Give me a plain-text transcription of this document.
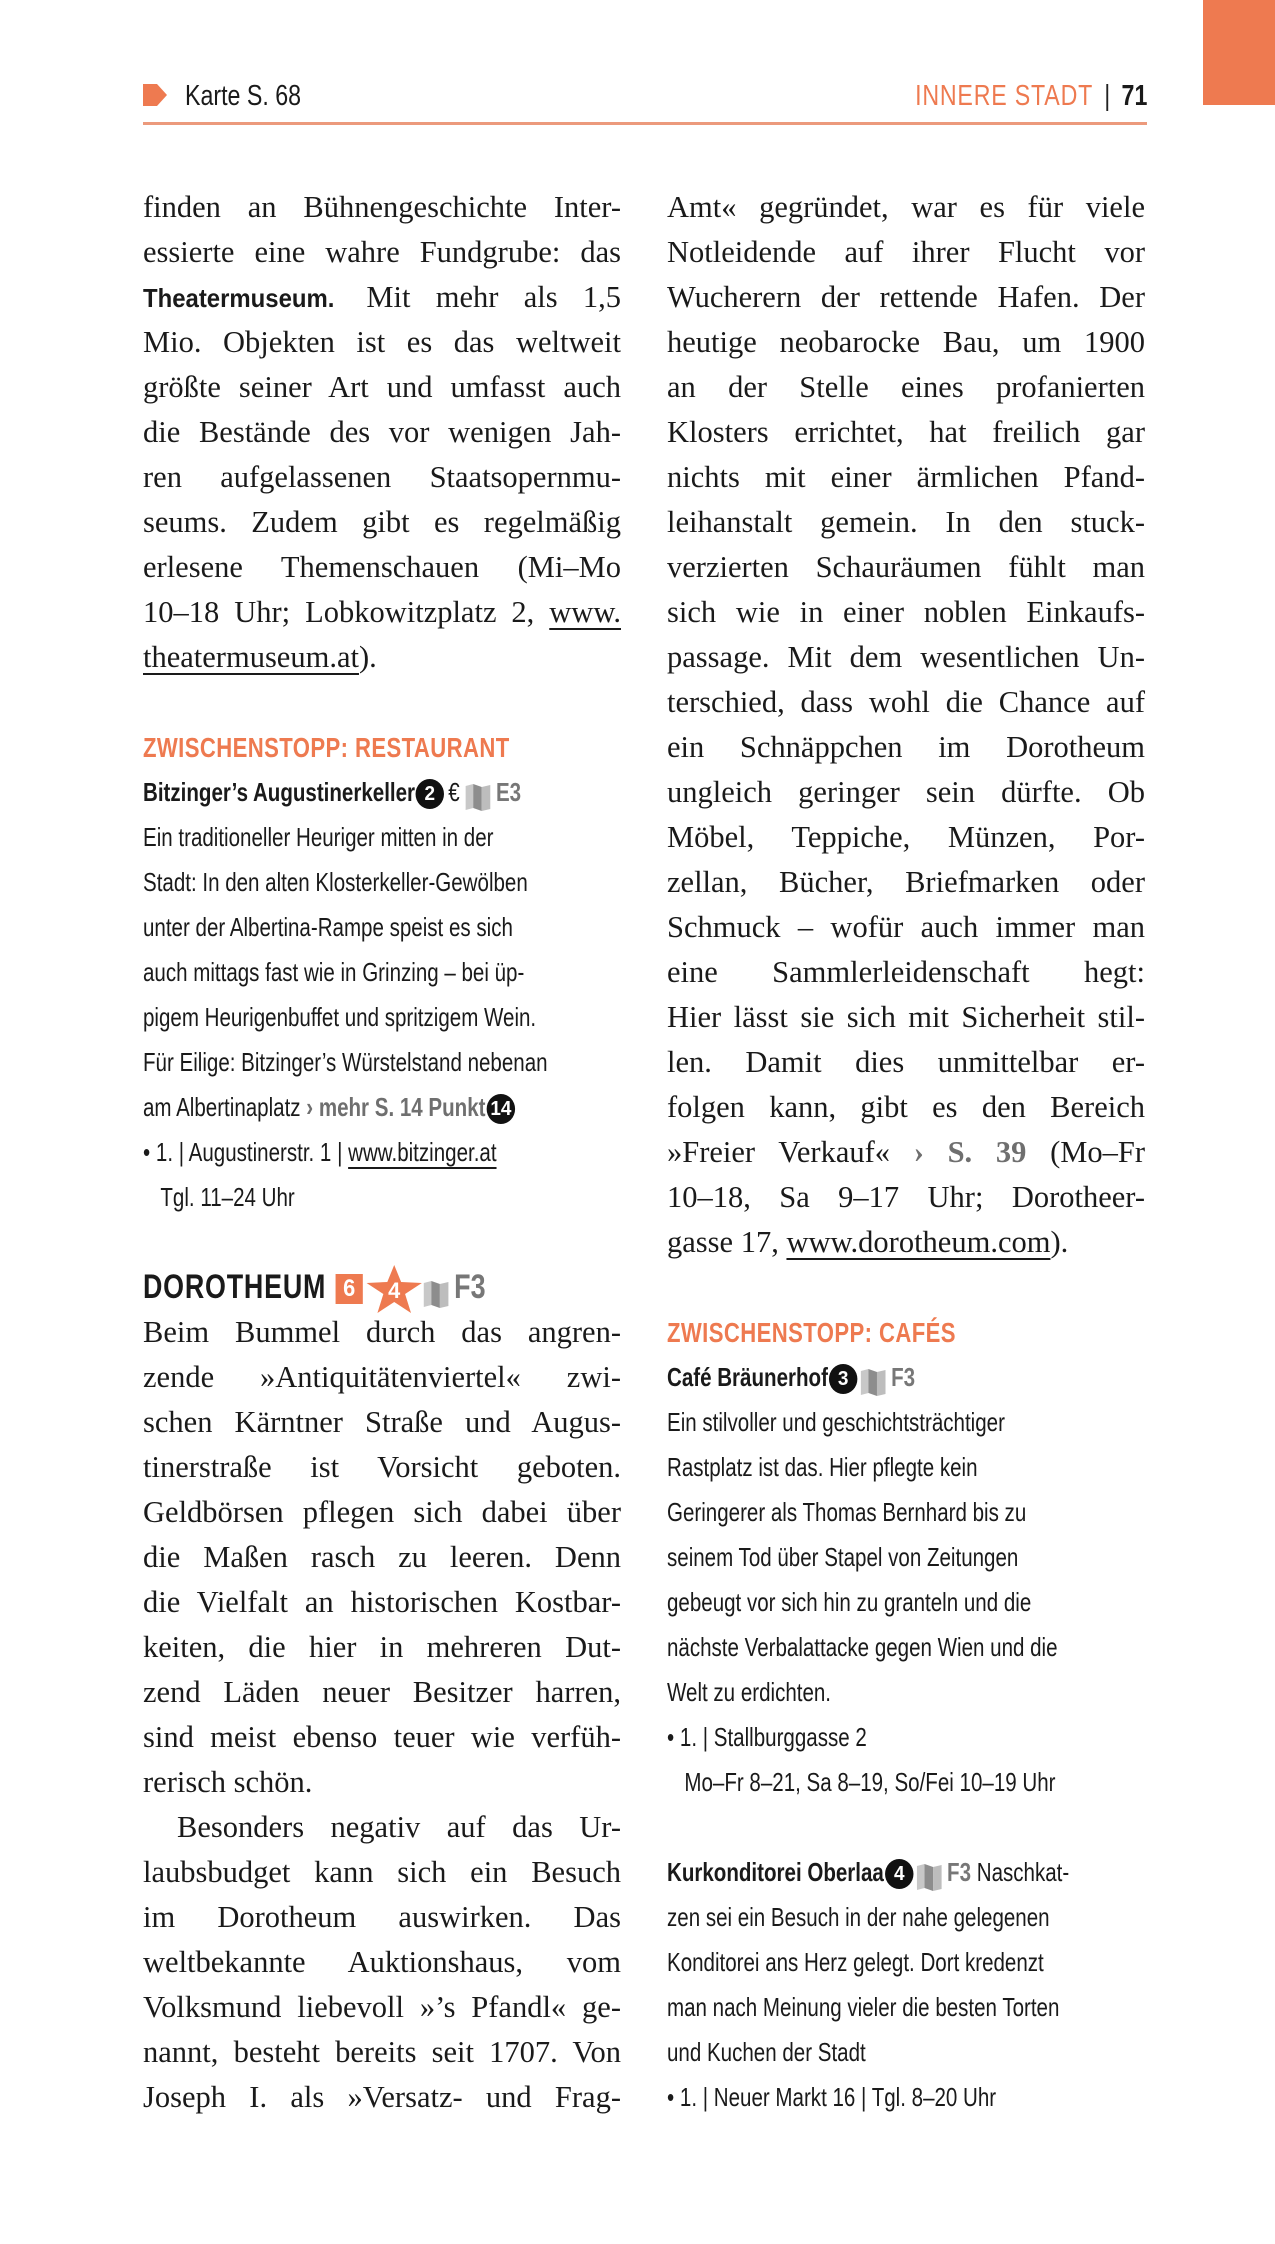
Karte S. 68	INNERE STADT | 71
finden an Bühnengeschichte Inter-
essierte eine wahre Fundgrube: das
Theatermuseum. Mit mehr als 1,5
Mio. Objekten ist es das weltweit
größte seiner Art und umfasst auch
die Bestände des vor wenigen Jah-
ren aufgelassenen Staatsopernmu-
seums. Zudem gibt es regelmäßig
erlesene Themenschauen (Mi–Mo
10–18 Uhr; Lobkowitzplatz 2, www.
theatermuseum.at).
ZWISCHENSTOPP: RESTAURANT
Bitzinger’s Augustinerkeller 2 € E3
Ein traditioneller Heuriger mitten in der
Stadt: In den alten Klosterkeller-Gewölben
unter der Albertina-Rampe speist es sich
auch mittags fast wie in Grinzing – bei üp-
pigem Heurigenbuffet und spritzigem Wein.
Für Eilige: Bitzinger’s Würstelstand nebenan
am Albertinaplatz › mehr S. 14 Punkt 14
• 1. | Augustinerstr. 1 | www.bitzinger.at
Tgl. 11–24 Uhr
DOROTHEUM 6	4	F3
Beim Bummel durch das angren-
zende »Antiquitätenviertel« zwi-
schen Kärntner Straße und Augus-
tinerstraße ist Vorsicht geboten.
Geldbörsen pflegen sich dabei über
die Maßen rasch zu leeren. Denn
die Vielfalt an historischen Kostbar-
keiten, die hier in mehreren Dut-
zend Läden neuer Besitzer harren,
sind meist ebenso teuer wie verfüh-
rerisch schön.
Besonders negativ auf das Ur-
laubsbudget kann sich ein Besuch
im Dorotheum auswirken. Das
weltbekannte Auktionshaus, vom
Volksmund liebevoll »’s Pfandl« ge-
nannt, besteht bereits seit 1707. Von
Joseph I. als »Versatz- und Frag-
Amt« gegründet, war es für viele
Notleidende auf ihrer Flucht vor
Wucherern der rettende Hafen. Der
heutige neobarocke Bau, um 1900
an der Stelle eines profanierten
Klosters errichtet, hat freilich gar
nichts mit einer ärmlichen Pfand-
leihanstalt gemein. In den stuck-
verzierten Schauräumen fühlt man
sich wie in einer noblen Einkaufs-
passage. Mit dem wesentlichen Un-
terschied, dass wohl die Chance auf
ein Schnäppchen im Dorotheum
ungleich geringer sein dürfte. Ob
Möbel, Teppiche, Münzen, Por-
zellan, Bücher, Briefmarken oder
Schmuck – wofür auch immer man
eine Sammlerleidenschaft hegt:
Hier lässt sie sich mit Sicherheit stil-
len. Damit dies unmittelbar er-
folgen kann, gibt es den Bereich
»Freier Verkauf« › S. 39 (Mo–Fr
10–18, Sa 9–17 Uhr; Dorotheer-
gasse 17, www.dorotheum.com).
ZWISCHENSTOPP: CAFÉS
Café Bräunerhof 3 F3
Ein stilvoller und geschichtsträchtiger
Rastplatz ist das. Hier pflegte kein
Geringerer als Thomas Bernhard bis zu
seinem Tod über Stapel von Zeitungen
gebeugt vor sich hin zu granteln und die
nächste Verbalattacke gegen Wien und die
Welt zu erdichten.
• 1. | Stallburggasse 2
Mo–Fr 8–21, Sa 8–19, So/Fei 10–19 Uhr
Kurkonditorei Oberlaa 4 F3 Naschkat-
zen sei ein Besuch in der nahe gelegenen
Konditorei ans Herz gelegt. Dort kredenzt
man nach Meinung vieler die besten Torten
und Kuchen der Stadt
• 1. | Neuer Markt 16 | Tgl. 8–20 Uhr
